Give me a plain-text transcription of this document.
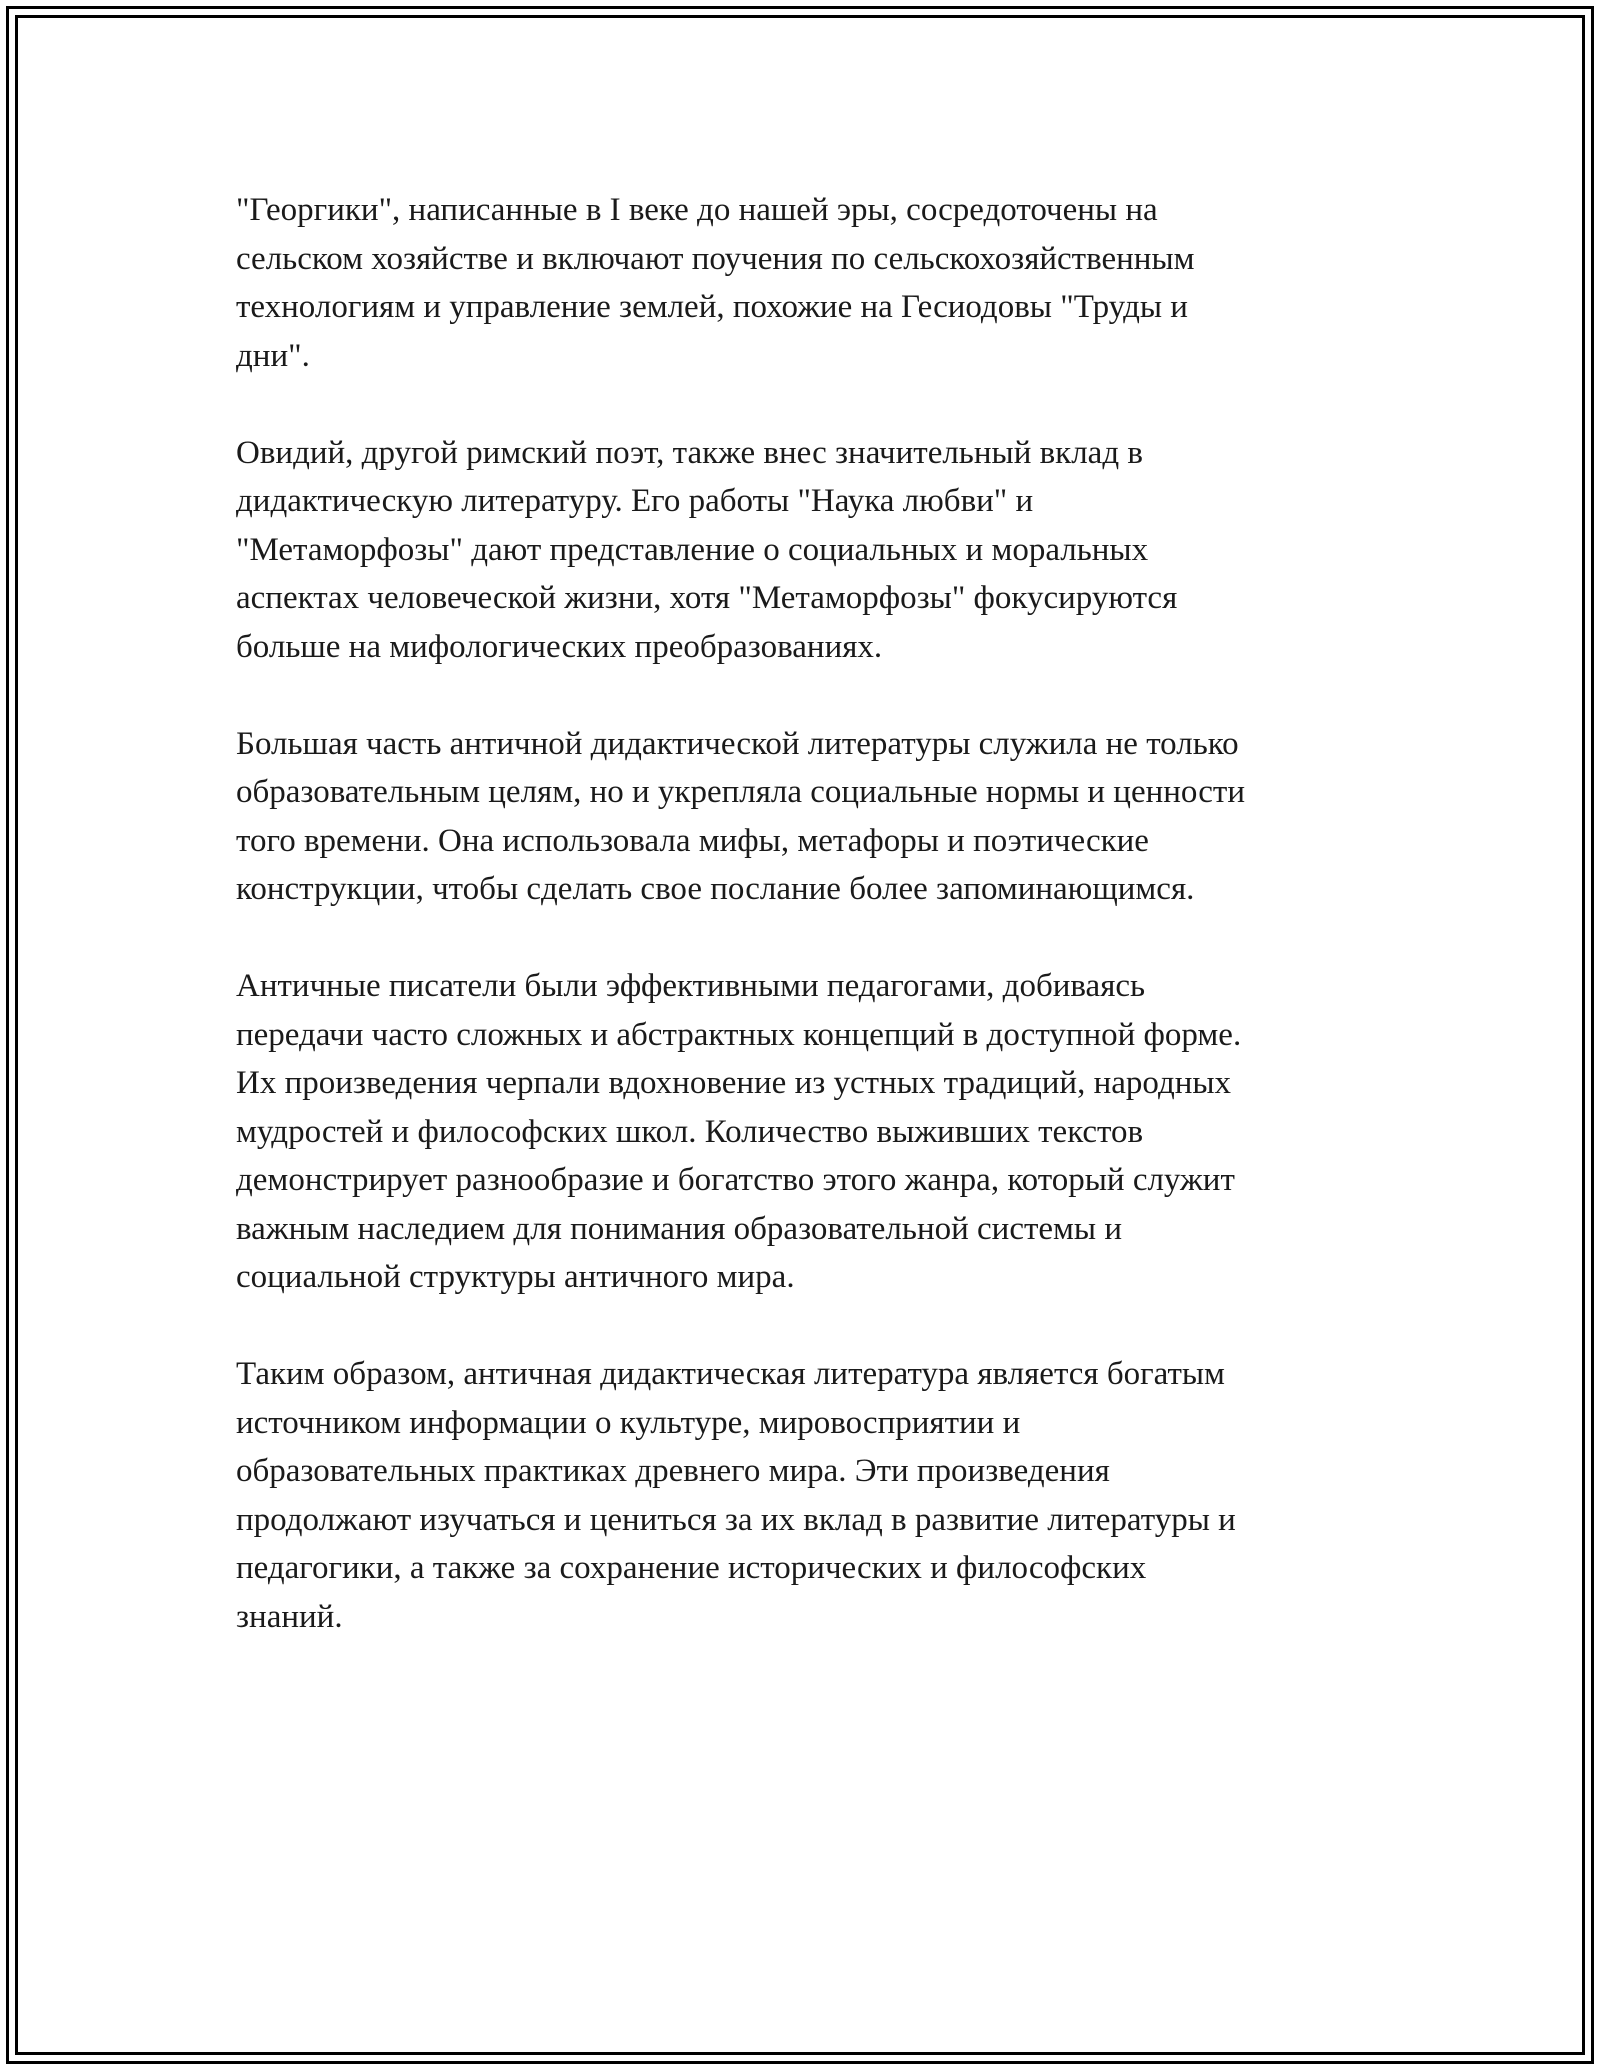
"Георгики", написанные в I веке до нашей эры, сосредоточены на
сельском хозяйстве и включают поучения по сельскохозяйственным
технологиям и управление землей, похожие на Гесиодовы "Труды и
дни".

Овидий, другой римский поэт, также внес значительный вклад в
дидактическую литературу. Его работы "Наука любви" и
"Метаморфозы" дают представление о социальных и моральных
аспектах человеческой жизни, хотя "Метаморфозы" фокусируются
больше на мифологических преобразованиях.

Большая часть античной дидактической литературы служила не только
образовательным целям, но и укрепляла социальные нормы и ценности
того времени. Она использовала мифы, метафоры и поэтические
конструкции, чтобы сделать свое послание более запоминающимся.

Античные писатели были эффективными педагогами, добиваясь
передачи часто сложных и абстрактных концепций в доступной форме.
Их произведения черпали вдохновение из устных традиций, народных
мудростей и философских школ. Количество выживших текстов
демонстрирует разнообразие и богатство этого жанра, который служит
важным наследием для понимания образовательной системы и
социальной структуры античного мира.

Таким образом, античная дидактическая литература является богатым
источником информации о культуре, мировосприятии и
образовательных практиках древнего мира. Эти произведения
продолжают изучаться и цениться за их вклад в развитие литературы и
педагогики, а также за сохранение исторических и философских
знаний.
